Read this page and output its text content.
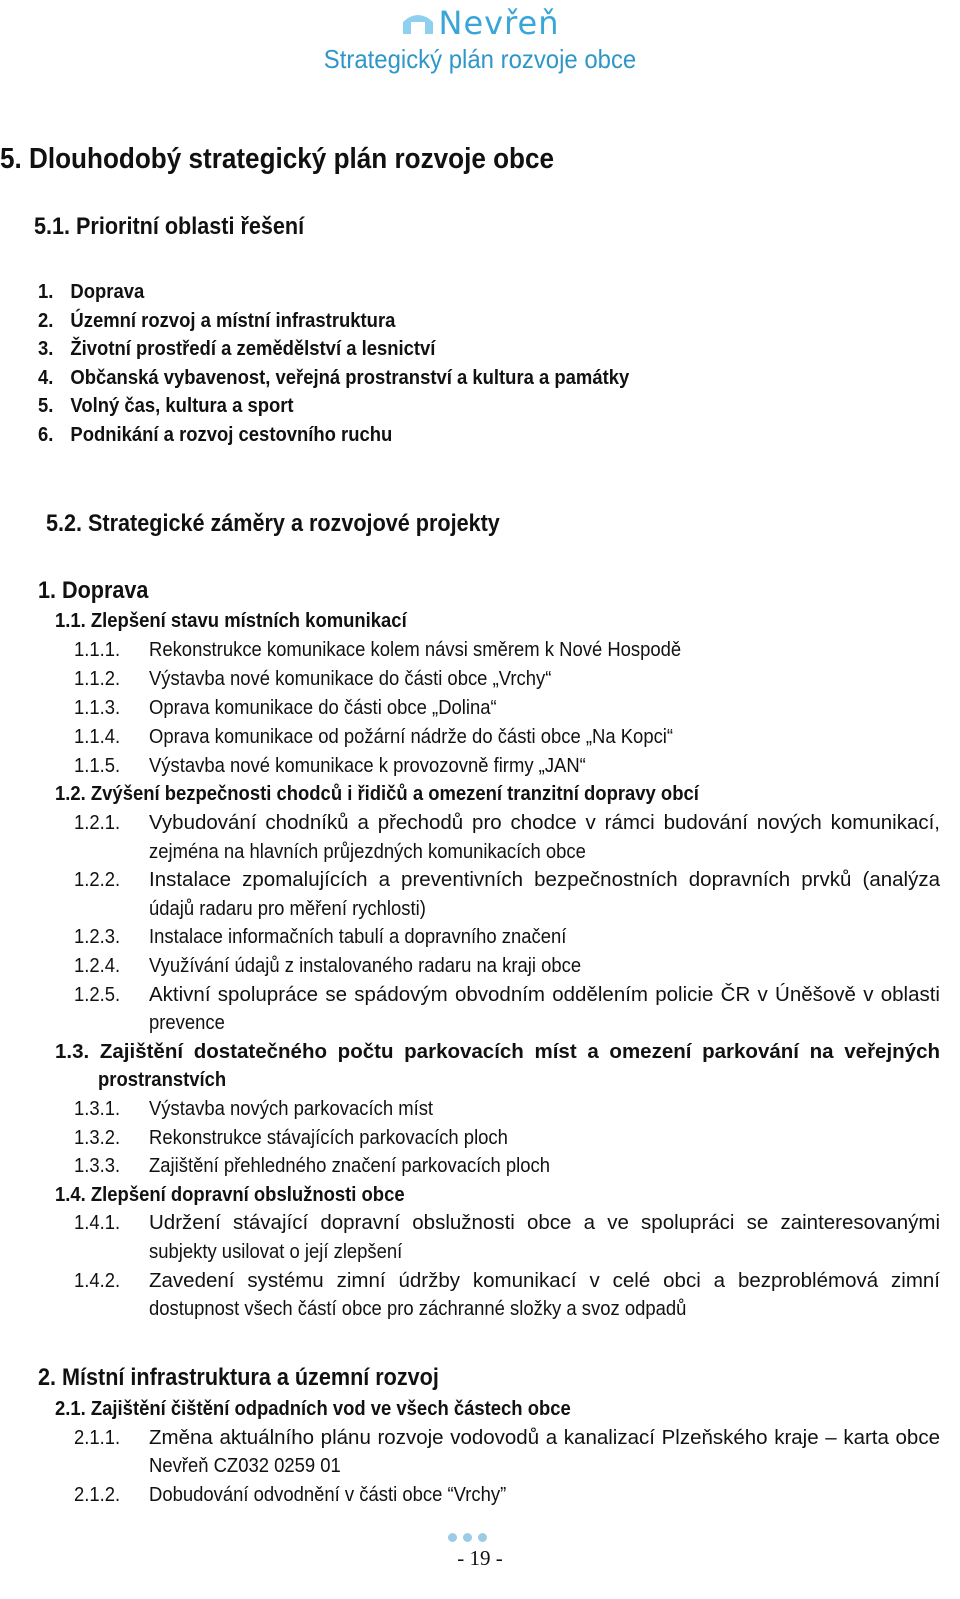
Nevřeň
Strategický plán rozvoje obce
5. Dlouhodobý strategický plán rozvoje obce
5.1. Prioritní oblasti řešení
1. Doprava
2. Územní rozvoj a místní infrastruktura
3. Životní prostředí a zemědělství a lesnictví
4. Občanská vybavenost, veřejná prostranství a kultura a památky
5. Volný čas, kultura a sport
6. Podnikání a rozvoj cestovního ruchu
5.2. Strategické záměry a rozvojové projekty
1. Doprava
1.1. Zlepšení stavu místních komunikací
1.1.1. Rekonstrukce komunikace kolem návsi směrem k Nové Hospodě
1.1.2. Výstavba nové komunikace do části obce „Vrchy“
1.1.3. Oprava komunikace do části obce „Dolina“
1.1.4. Oprava komunikace od požární nádrže do části obce „Na Kopci“
1.1.5. Výstavba nové komunikace k provozovně firmy „JAN“
1.2. Zvýšení bezpečnosti chodců i řidičů a omezení tranzitní dopravy obcí
1.2.1. Vybudování chodníků a přechodů pro chodce v rámci budování nových komunikací,
zejména na hlavních průjezdných komunikacích obce
1.2.2. Instalace zpomalujících a preventivních bezpečnostních dopravních prvků (analýza
údajů radaru pro měření rychlosti)
1.2.3. Instalace informačních tabulí a dopravního značení
1.2.4. Využívání údajů z instalovaného radaru na kraji obce
1.2.5. Aktivní spolupráce se spádovým obvodním oddělením policie ČR v Úněšově v oblasti
prevence
1.3. Zajištění dostatečného počtu parkovacích míst a omezení parkování na veřejných
prostranstvích
1.3.1. Výstavba nových parkovacích míst
1.3.2. Rekonstrukce stávajících parkovacích ploch
1.3.3. Zajištění přehledného značení parkovacích ploch
1.4. Zlepšení dopravní obslužnosti obce
1.4.1. Udržení stávající dopravní obslužnosti obce a ve spolupráci se zainteresovanými
subjekty usilovat o její zlepšení
1.4.2. Zavedení systému zimní údržby komunikací v celé obci a bezproblémová zimní
dostupnost všech částí obce pro záchranné složky a svoz odpadů
2. Místní infrastruktura a územní rozvoj
2.1. Zajištění čištění odpadních vod ve všech částech obce
2.1.1. Změna aktuálního plánu rozvoje vodovodů a kanalizací Plzeňského kraje – karta obce
Nevřeň CZ032 0259 01
2.1.2. Dobudování odvodnění v části obce “Vrchy”
- 19 -
